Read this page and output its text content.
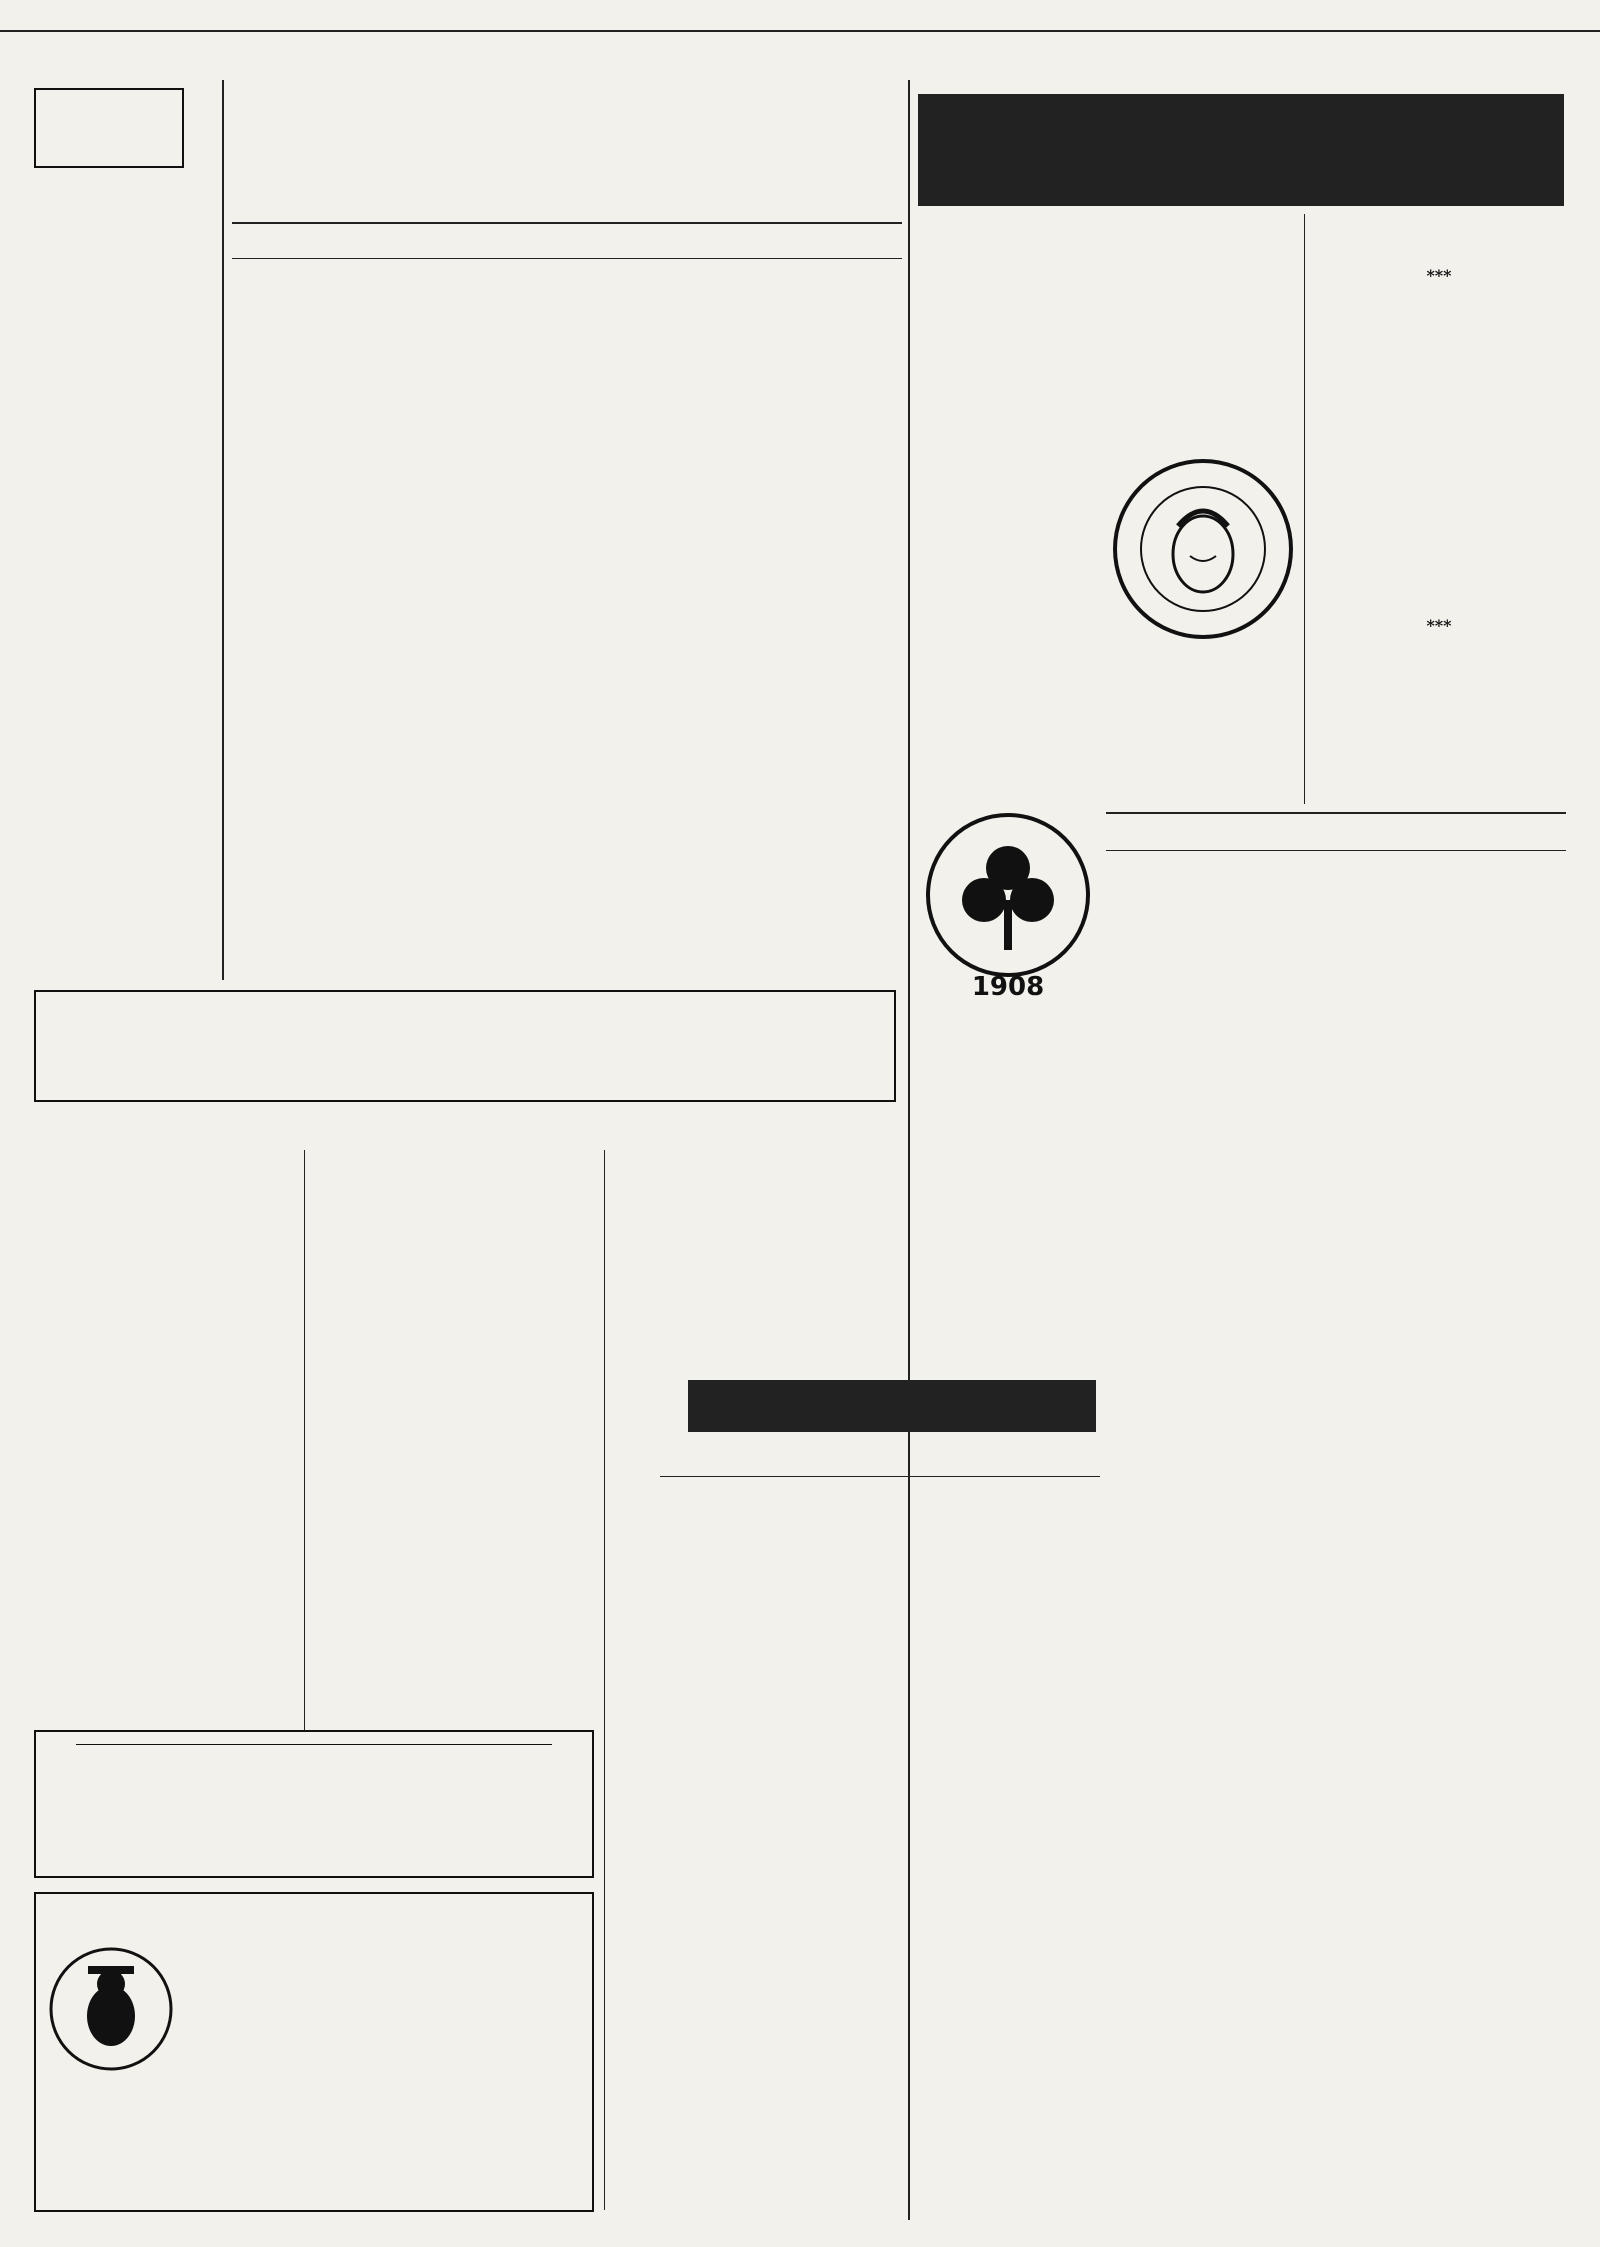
***

***

1908
